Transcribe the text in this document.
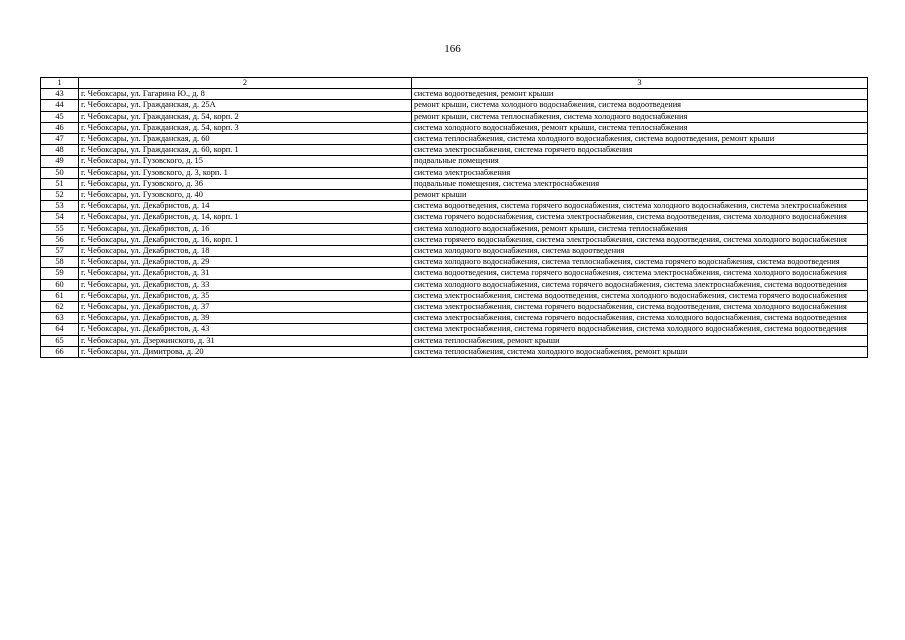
166
1	2	3
43	г. Чебоксары, ул. Гагарина Ю., д. 8	система водоотведения, ремонт крыши
44	г. Чебоксары, ул. Гражданская, д. 25А	ремонт крыши, система холодного водоснабжения, система водоотведения
45	г. Чебоксары, ул. Гражданская, д. 54, корп. 2	ремонт крыши, система теплоснабжения, система холодного водоснабжения
46	г. Чебоксары, ул. Гражданская, д. 54, корп. 3	система холодного водоснабжения, ремонт крыши, система теплоснабжения
47	г. Чебоксары, ул. Гражданская, д. 60	система теплоснабжения, система холодного водоснабжения, система водоотведения, ремонт крыши
48	г. Чебоксары, ул. Гражданская, д. 60, корп. 1	система электроснабжения, система горячего водоснабжения
49	г. Чебоксары, ул. Гузовского, д. 15	подвальные помещения
50	г. Чебоксары, ул. Гузовского, д. 3, корп. 1	система электроснабжения
51	г. Чебоксары, ул. Гузовского, д. 36	подвальные помещения, система электроснабжения
52	г. Чебоксары, ул. Гузовского, д. 40	ремонт крыши
53	г. Чебоксары, ул. Декабристов, д. 14	система водоотведения, система горячего водоснабжения, система холодного водоснабжения, система электроснабжения
54	г. Чебоксары, ул. Декабристов, д. 14, корп. 1	система горячего водоснабжения, система электроснабжения, система водоотведения, система холодного водоснабжения
55	г. Чебоксары, ул. Декабристов, д. 16	система холодного водоснабжения, ремонт крыши, система теплоснабжения
56	г. Чебоксары, ул. Декабристов, д. 16, корп. 1	система горячего водоснабжения, система электроснабжения, система водоотведения, система холодного водоснабжения
57	г. Чебоксары, ул. Декабристов, д. 18	система холодного водоснабжения, система водоотведения
58	г. Чебоксары, ул. Декабристов, д. 29	система холодного водоснабжения, система теплоснабжения, система горячего водоснабжения, система водоотведения
59	г. Чебоксары, ул. Декабристов, д. 31	система водоотведения, система горячего водоснабжения, система электроснабжения, система холодного водоснабжения
60	г. Чебоксары, ул. Декабристов, д. 33	система холодного водоснабжения, система горячего водоснабжения, система электроснабжения, система водоотведения
61	г. Чебоксары, ул. Декабристов, д. 35	система электроснабжения, система водоотведения, система холодного водоснабжения, система горячего водоснабжения
62	г. Чебоксары, ул. Декабристов, д. 37	система электроснабжения, система горячего водоснабжения, система водоотведения, система холодного водоснабжения
63	г. Чебоксары, ул. Декабристов, д. 39	система электроснабжения, система горячего водоснабжения, система холодного водоснабжения, система водоотведения
64	г. Чебоксары, ул. Декабристов, д. 43	система электроснабжения, система горячего водоснабжения, система холодного водоснабжения, система водоотведения
65	г. Чебоксары, ул. Дзержинского, д. 31	система теплоснабжения, ремонт крыши
66	г. Чебоксары, ул. Димитрова, д. 20	система теплоснабжения, система холодного водоснабжения, ремонт крыши
